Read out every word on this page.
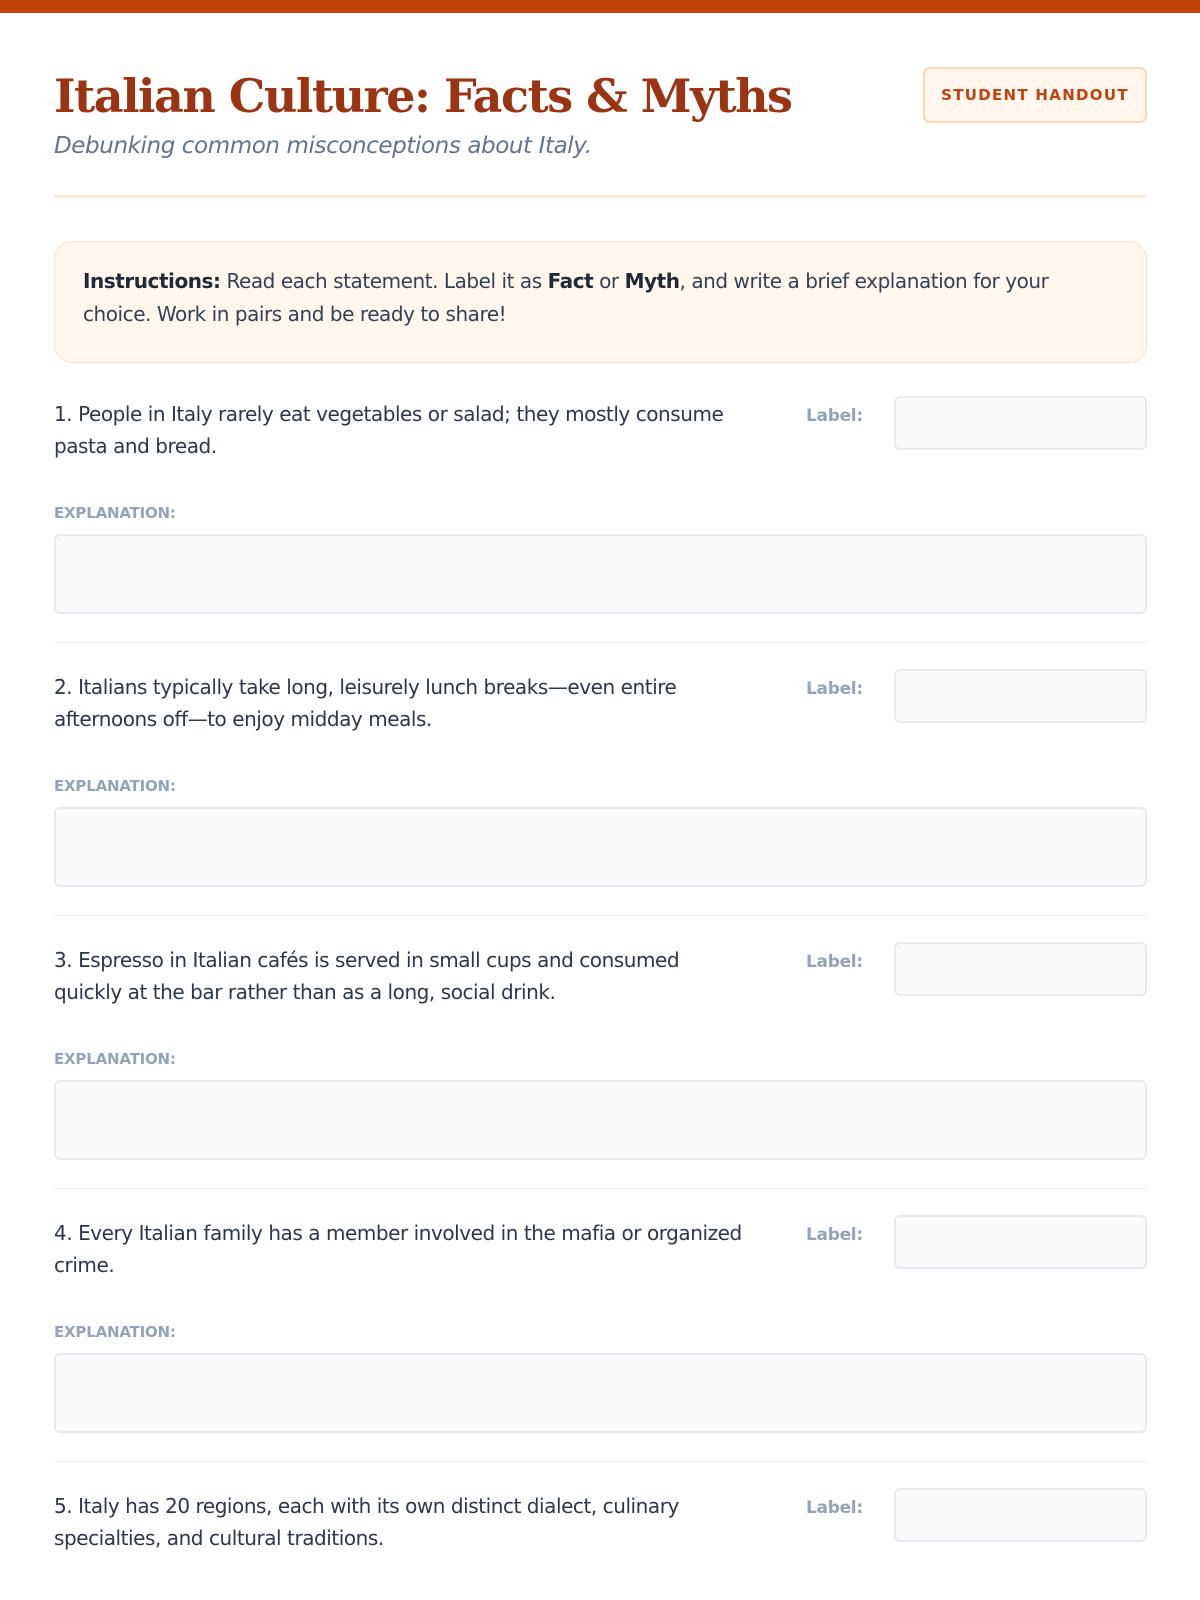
Italian Culture: Facts & Myths
Debunking common misconceptions about Italy.
STUDENT HANDOUT
Instructions: Read each statement. Label it as Fact or Myth, and write a brief explanation for your choice. Work in pairs and be ready to share!
1. People in Italy rarely eat vegetables or salad; they mostly consume pasta and bread.
Label:
EXPLANATION:
2. Italians typically take long, leisurely lunch breaks—even entire afternoons off—to enjoy midday meals.
Label:
EXPLANATION:
3. Espresso in Italian cafés is served in small cups and consumed quickly at the bar rather than as a long, social drink.
Label:
EXPLANATION:
4. Every Italian family has a member involved in the mafia or organized crime.
Label:
EXPLANATION:
5. Italy has 20 regions, each with its own distinct dialect, culinary specialties, and cultural traditions.
Label:
